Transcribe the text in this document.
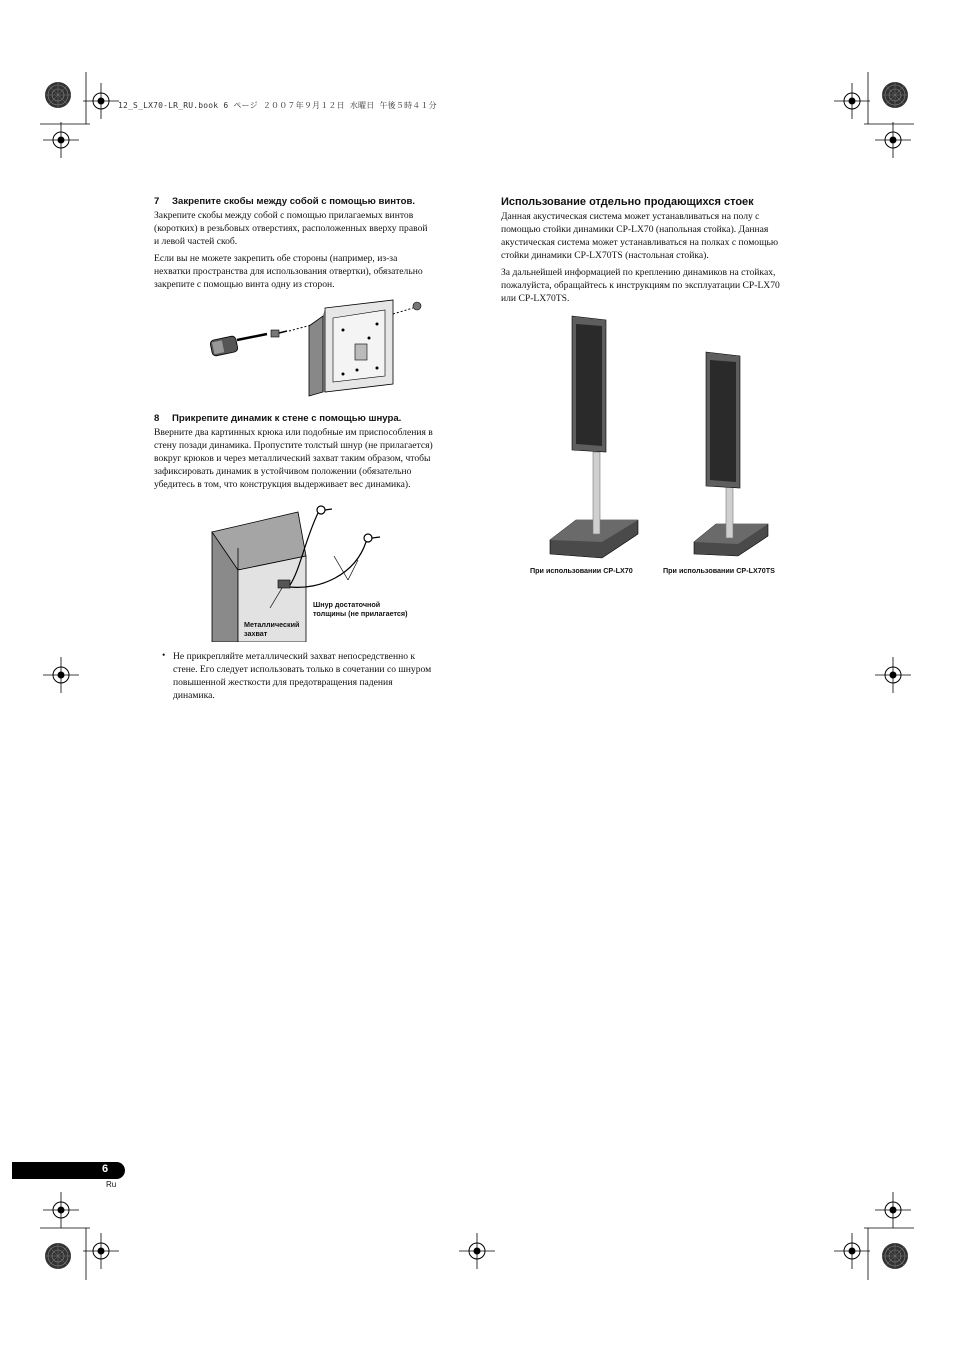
12_S_LX70-LR_RU.book 6 ページ ２００７年９月１２日 水曜日 午後５時４１分
7 Закрепите скобы между собой с помощью винтов.
Закрепите скобы между собой с помощью прилагаемых винтов
(коротких) в резьбовых отверстиях, расположенных вверху правой
и левой частей скоб.
Если вы не можете закрепить обе стороны (например, из-за
нехватки пространства для использования отвертки), обязательно
закрепите с помощью винта одну из сторон.
8 Прикрепите динамик к стене с помощью шнура.
Ввернитe два картинных крюка или подобные им приспособления в
стену позади динамика. Пропустите толстый шнур (не прилагается)
вокруг крюков и через металлический захват таким образом, чтобы
зафиксировать динамик в устойчивом положении (обязательно
убедитесь в том, что конструкция выдерживает вес динамика).
Шнур достаточной
толщины (не прилагается)
Металлический
захват
• Не прикрепляйте металлический захват непосредственно к
стене. Его следует использовать только в сочетании со шнуром
повышенной жесткости для предотвращения падения
динамика.
Использование отдельно продающихся стоек
Данная акустическая система может устанавливаться на полу с
помощью стойки динамики CP-LX70 (напольная стойка). Данная
акустическая система может устанавливаться на полках с помощью
стойки динамики CP-LX70TS (настольная стойка).
За дальнейшей информацией по креплению динамиков на стойках,
пожалуйста, обращайтесь к инструкциям по эксплуатации CP-LX70
или CP-LX70TS.
При использовании CP-LX70	При использовании CP-LX70TS
6
Ru
